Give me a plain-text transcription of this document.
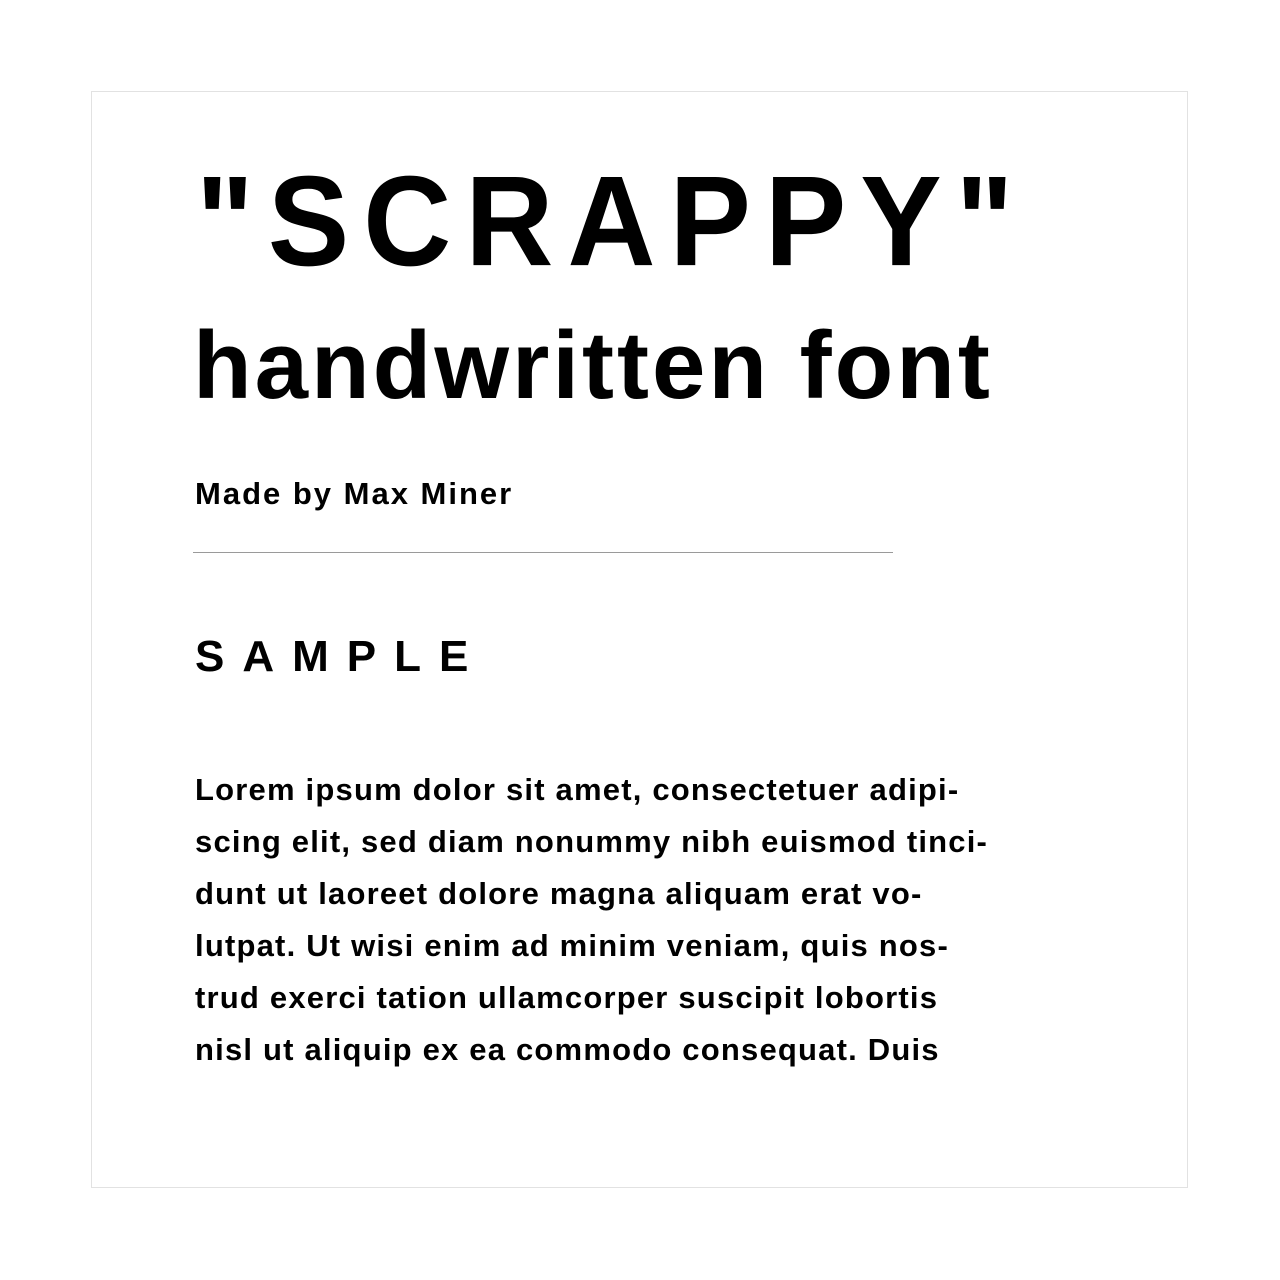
"SCRAPPY"
handwritten font
Made by Max Miner
SAMPLE
Lorem ipsum dolor sit amet, consectetuer adipi-
scing elit, sed diam nonummy nibh euismod tinci-
dunt ut laoreet dolore magna aliquam erat vo-
lutpat. Ut wisi enim ad minim veniam, quis nos-
trud exerci tation ullamcorper suscipit lobortis
nisl ut aliquip ex ea commodo consequat. Duis
